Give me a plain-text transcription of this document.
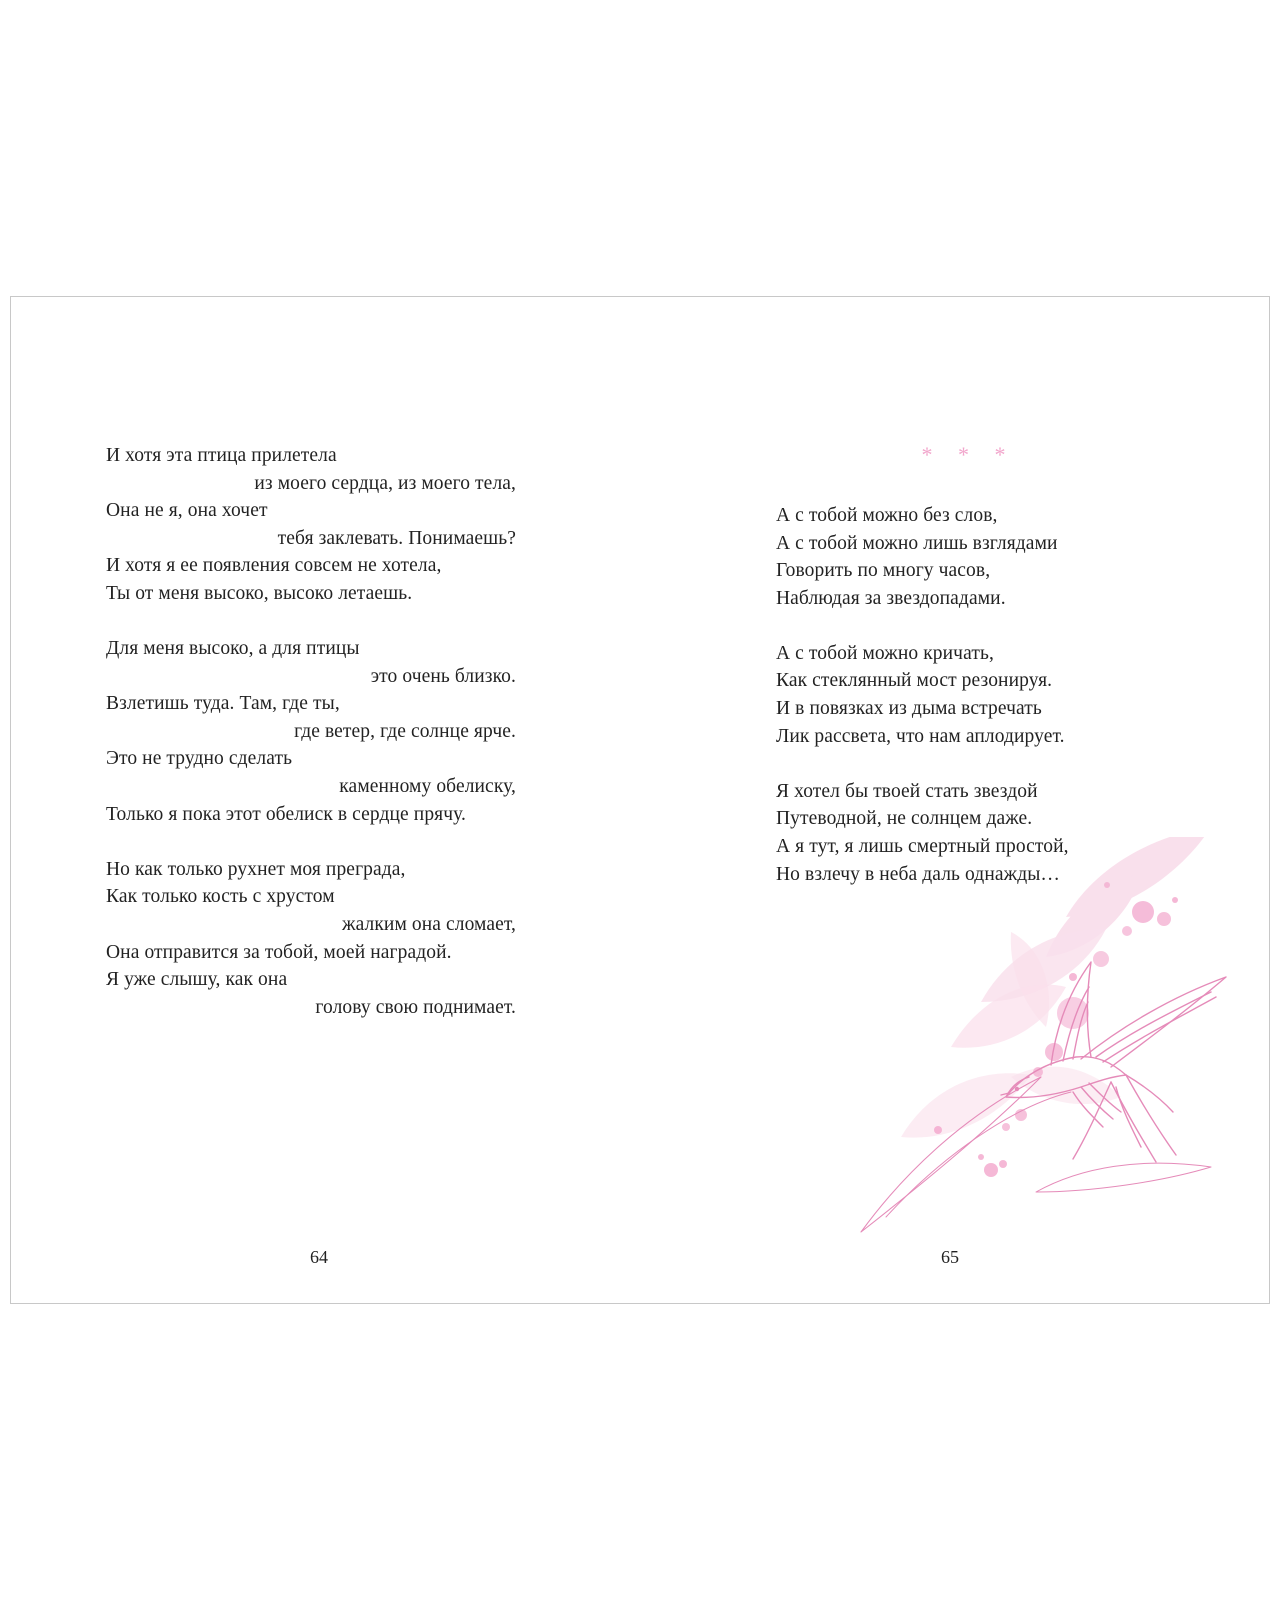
И хотя эта птица прилетела
из моего сердца, из моего тела,
Она не я, она хочет
тебя заклевать. Понимаешь?
И хотя я ее появления совсем не хотела,
Ты от меня высоко, высоко летаешь.
Для меня высоко, а для птицы
это очень близко.
Взлетишь туда. Там, где ты,
где ветер, где солнце ярче.
Это не трудно сделать
каменному обелиску,
Только я пока этот обелиск в сердце прячу.
Но как только рухнет моя преграда,
Как только кость с хрустом
жалким она сломает,
Она отправится за тобой, моей наградой.
Я уже слышу, как она
голову свою поднимает.
64
* * *
А с тобой можно без слов,
А с тобой можно лишь взглядами
Говорить по многу часов,
Наблюдая за звездопадами.
А с тобой можно кричать,
Как стеклянный мост резонируя.
И в повязках из дыма встречать
Лик рассвета, что нам аплодирует.
Я хотел бы твоей стать звездой
Путеводной, не солнцем даже.
А я тут, я лишь смертный простой,
Но взлечу в неба даль однажды…
65
